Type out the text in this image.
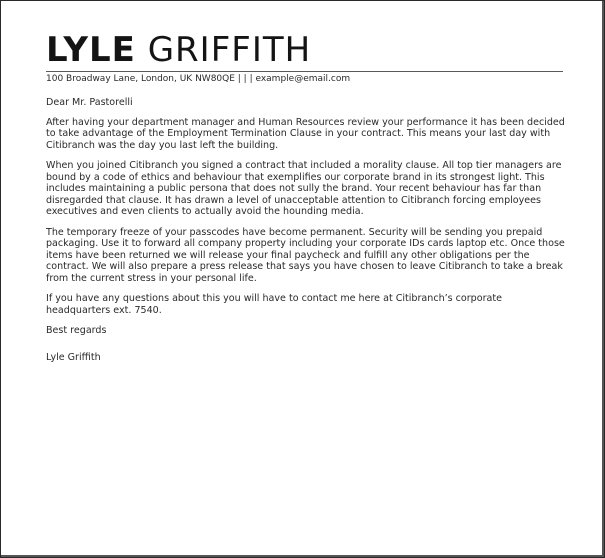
LYLE GRIFFITH
100 Broadway Lane, London, UK NW80QE | | | example@email.com

Dear Mr. Pastorelli

After having your department manager and Human Resources review your performance it has been decided to take advantage of the Employment Termination Clause in your contract. This means your last day with Citibranch was the day you last left the building.

When you joined Citibranch you signed a contract that included a morality clause. All top tier managers are bound by a code of ethics and behaviour that exemplifies our corporate brand in its strongest light. This includes maintaining a public persona that does not sully the brand. Your recent behaviour has far than disregarded that clause. It has drawn a level of unacceptable attention to Citibranch forcing employees executives and even clients to actually avoid the hounding media.

The temporary freeze of your passcodes have become permanent. Security will be sending you prepaid packaging. Use it to forward all company property including your corporate IDs cards laptop etc. Once those items have been returned we will release your final paycheck and fulfill any other obligations per the contract. We will also prepare a press release that says you have chosen to leave Citibranch to take a break from the current stress in your personal life.

If you have any questions about this you will have to contact me here at Citibranch’s corporate headquarters ext. 7540.

Best regards

Lyle Griffith
